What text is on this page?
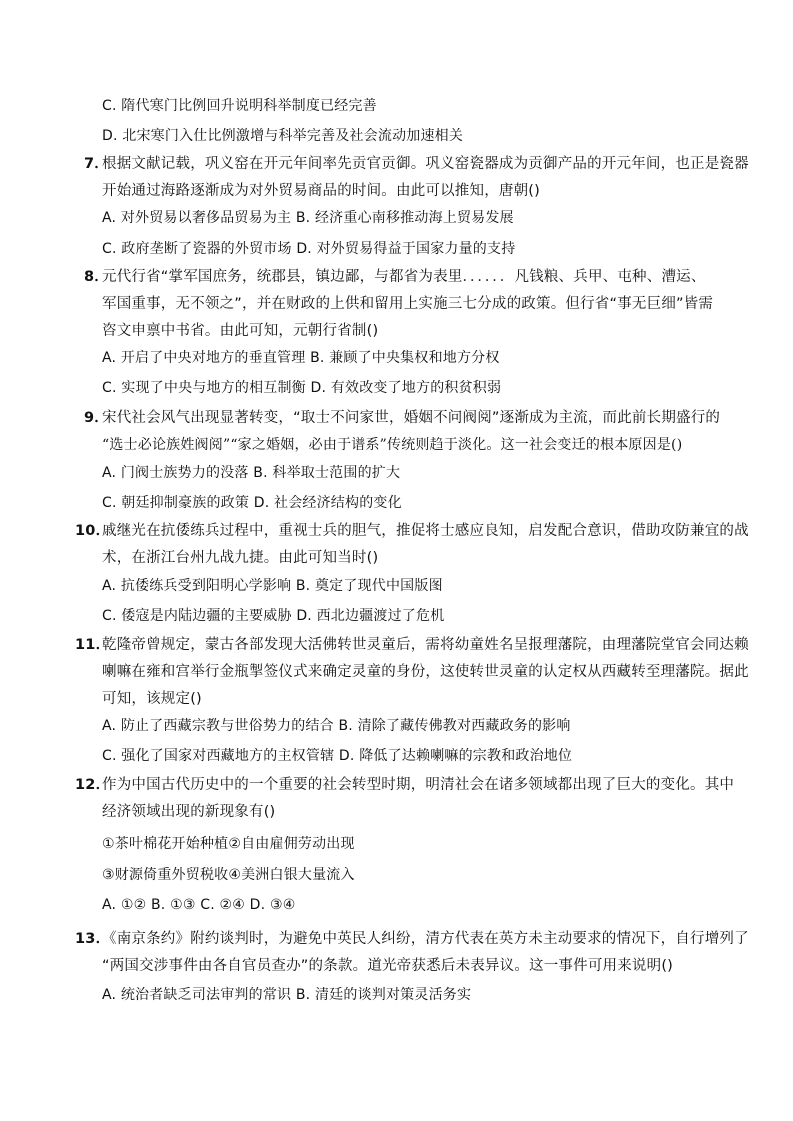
C. 隋代寒门比例回升说明科举制度已经完善
D. 北宋寒门入仕比例激增与科举完善及社会流动加速相关
7．
根据文献记载，巩义窑在开元年间率先贡官贡御。巩义窑瓷器成为贡御产品的开元年间，也正是瓷器
开始通过海路逐渐成为对外贸易商品的时间。由此可以推知，唐朝()
A. 对外贸易以奢侈品贸易为主 B. 经济重心南移推动海上贸易发展
C. 政府垄断了瓷器的外贸市场 D. 对外贸易得益于国家力量的支持
8．
元代行省“掌军国庶务，统郡县，镇边鄙，与都省为表里．．．．．．凡钱粮、兵甲、屯种、漕运、
军国重事，无不领之”，并在财政的上供和留用上实施三七分成的政策。但行省“事无巨细”皆需
咨文申禀中书省。由此可知，元朝行省制()
A. 开启了中央对地方的垂直管理 B. 兼顾了中央集权和地方分权
C. 实现了中央与地方的相互制衡 D. 有效改变了地方的积贫积弱
9．
宋代社会风气出现显著转变，“取士不问家世，婚姻不问阀阅”逐渐成为主流，而此前长期盛行的
“选士必论族姓阀阅”“家之婚姻，必由于谱系”传统则趋于淡化。这一社会变迁的根本原因是()
A. 门阀士族势力的没落 B. 科举取士范围的扩大
C. 朝廷抑制豪族的政策 D. 社会经济结构的变化
10．
戚继光在抗倭练兵过程中，重视士兵的胆气，推促将士感应良知，启发配合意识，借助攻防兼宜的战
术，在浙江台州九战九捷。由此可知当时()
A. 抗倭练兵受到阳明心学影响 B. 奠定了现代中国版图
C. 倭寇是内陆边疆的主要威胁 D. 西北边疆渡过了危机
11．
乾隆帝曾规定，蒙古各部发现大活佛转世灵童后，需将幼童姓名呈报理藩院，由理藩院堂官会同达赖
喇嘛在雍和宫举行金瓶掣签仪式来确定灵童的身份，这使转世灵童的认定权从西藏转至理藩院。据此
可知，该规定()
A. 防止了西藏宗教与世俗势力的结合 B. 清除了藏传佛教对西藏政务的影响
C. 强化了国家对西藏地方的主权管辖 D. 降低了达赖喇嘛的宗教和政治地位
12．
作为中国古代历史中的一个重要的社会转型时期，明清社会在诸多领域都出现了巨大的变化。其中
经济领域出现的新现象有()
①茶叶棉花开始种植②自由雇佣劳动出现
③财源倚重外贸税收④美洲白银大量流入
A. ①② B. ①③ C. ②④ D. ③④
13．
《南京条约》附约谈判时，为避免中英民人纠纷，清方代表在英方未主动要求的情况下，自行增列了
“两国交涉事件由各自官员查办”的条款。道光帝获悉后未表异议。这一事件可用来说明()
A. 统治者缺乏司法审判的常识 B. 清廷的谈判对策灵活务实
